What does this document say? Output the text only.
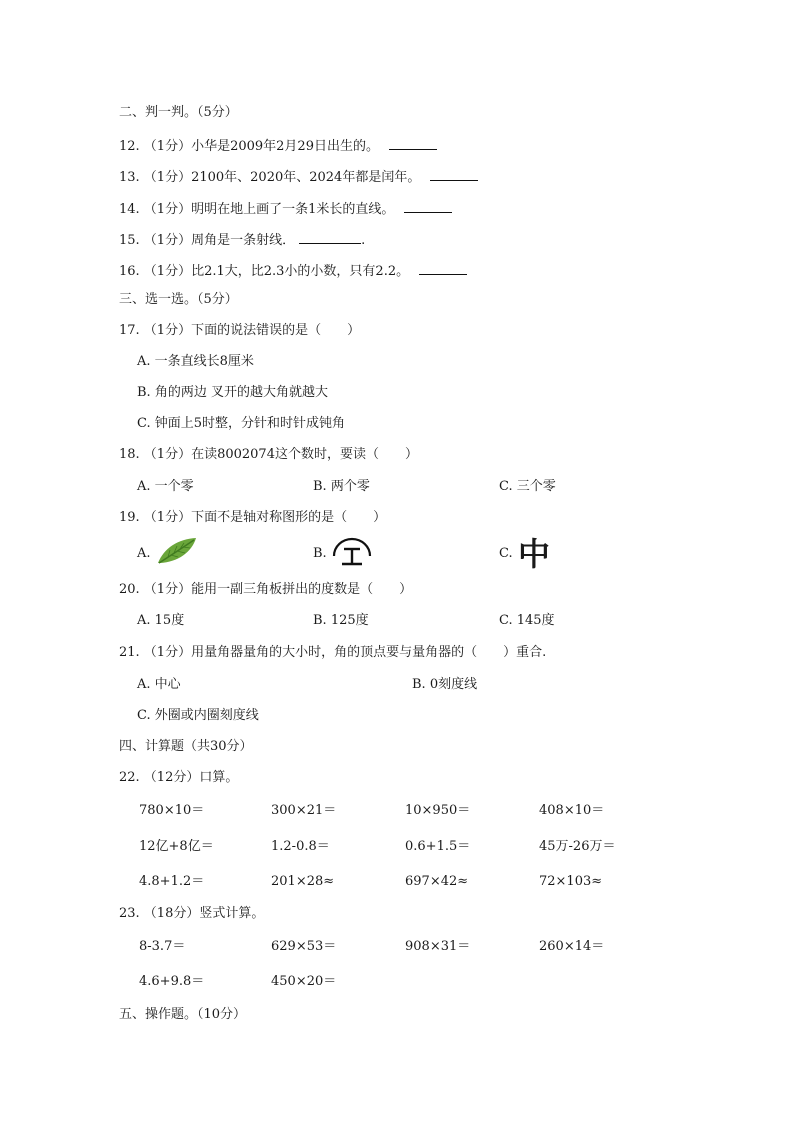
二、判一判。（5分）
12. （1分）小华是2009年2月29日出生的。
13. （1分）2100年、2020年、2024年都是闰年。
14. （1分）明明在地上画了一条1米长的直线。
15. （1分）周角是一条射线．	.
16. （1分）比2.1大，比2.3小的小数，只有2.2。
三、选一选。（5分）
17. （1分）下面的说法错误的是（　　）
A. 一条直线长8厘米
B. 角的两边 叉开的越大角就越大
C. 钟面上5时整，分针和时针成钝角
18. （1分）在读8002074这个数时，要读（　　）
A. 一个零	B. 两个零	C. 三个零
19. （1分）下面不是轴对称图形的是（　　）
A.	B.	C. 中
20. （1分）能用一副三角板拼出的度数是（　　）
A. 15度	B. 125度	C. 145度
21. （1分）用量角器量角的大小时，角的顶点要与量角器的（　　）重合.
A. 中心	B. 0刻度线
C. 外圈或内圈刻度线
四、计算题（共30分）
22. （12分）口算。
780×10＝	300×21＝	10×950＝	408×10＝
12亿+8亿＝	1.2-0.8＝	0.6+1.5＝	45万-26万＝
4.8+1.2＝	201×28≈	697×42≈	72×103≈
23. （18分）竖式计算。
8-3.7＝	629×53＝	908×31＝	260×14＝
4.6+9.8＝	450×20＝
五、操作题。（10分）
